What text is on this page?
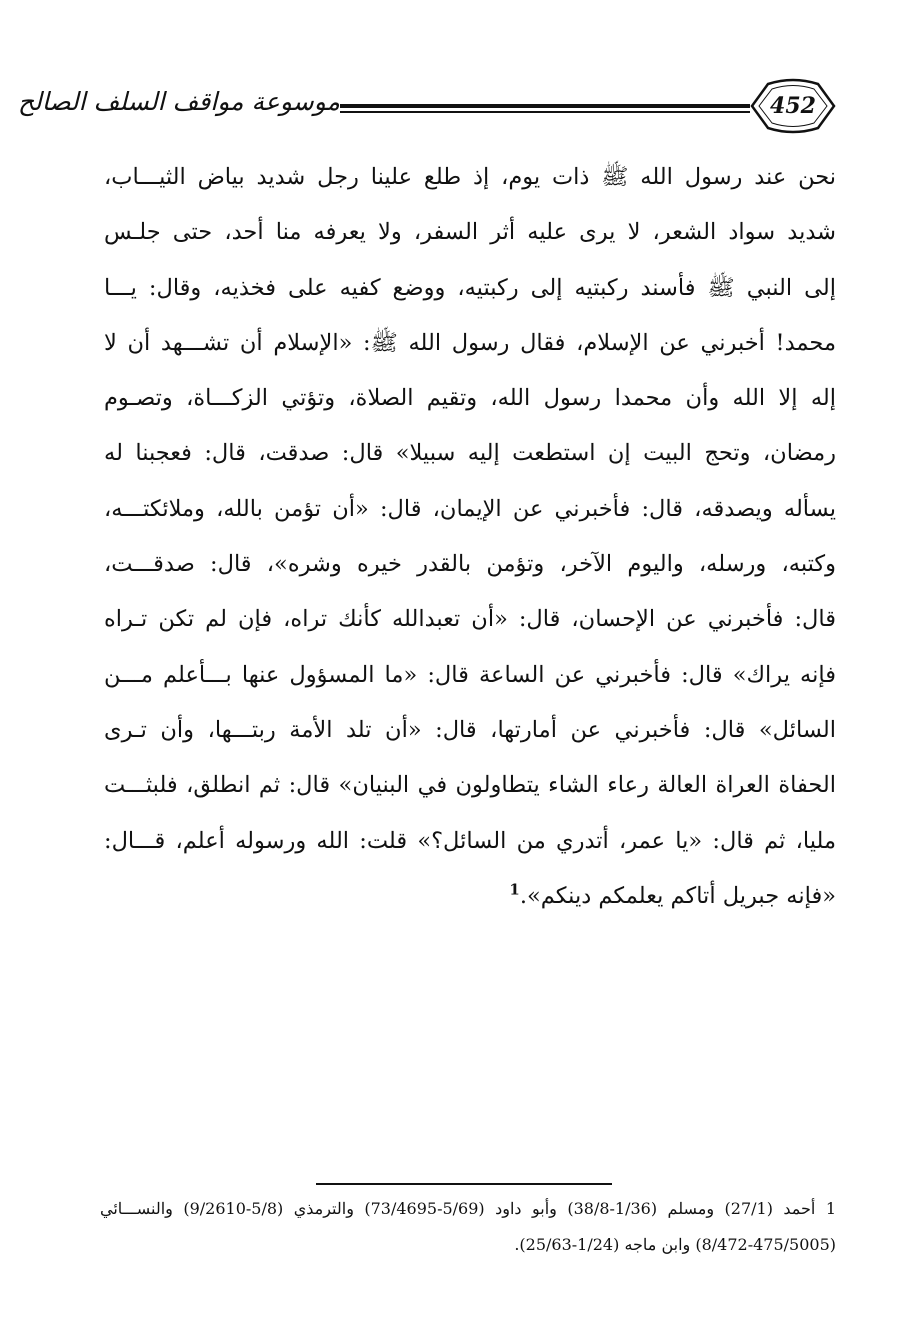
موسوعة مواقف السلف الصالح	452
نحن عند رسول الله ﷺ ذات يوم، إذ طلع علينا رجل شديد بياض الثيـــاب،
شديد سواد الشعر، لا يرى عليه أثر السفر، ولا يعرفه منا أحد، حتى جلـس
إلى النبي ﷺ فأسند ركبتيه إلى ركبتيه، ووضع كفيه على فخذيه، وقال: يـــا
محمد! أخبرني عن الإسلام، فقال رسول الله ﷺ: «الإسلام أن تشـــهد أن لا
إله إلا الله وأن محمدا رسول الله، وتقيم الصلاة، وتؤتي الزكـــاة، وتصـوم
رمضان، وتحج البيت إن استطعت إليه سبيلا» قال: صدقت، قال: فعجبنا له
يسأله ويصدقه، قال: فأخبرني عن الإيمان، قال: «أن تؤمن بالله، وملائكتـــه،
وكتبه، ورسله، واليوم الآخر، وتؤمن بالقدر خيره وشره»، قال: صدقـــت،
قال: فأخبرني عن الإحسان، قال: «أن تعبدالله كأنك تراه، فإن لم تكن تـراه
فإنه يراك» قال: فأخبرني عن الساعة قال: «ما المسؤول عنها بـــأعلم مـــن
السائل» قال: فأخبرني عن أمارتها، قال: «أن تلد الأمة ربتـــها، وأن تـرى
الحفاة العراة العالة رعاء الشاء يتطاولون في البنيان» قال: ثم انطلق، فلبثـــت
مليا، ثم قال: «يا عمر، أتدري من السائل؟» قلت: الله ورسوله أعلم، قـــال:
«فإنه جبريل أتاكم يعلمكم دينكم».$^1$
1 أحمد (27/1) ومسلم (1/36-38/8) وأبو داود (5/69-73/4695) والترمذي (5/8-9/2610) والنســـائي
(8/472-475/5005) وابن ماجه (1/24-25/63).
